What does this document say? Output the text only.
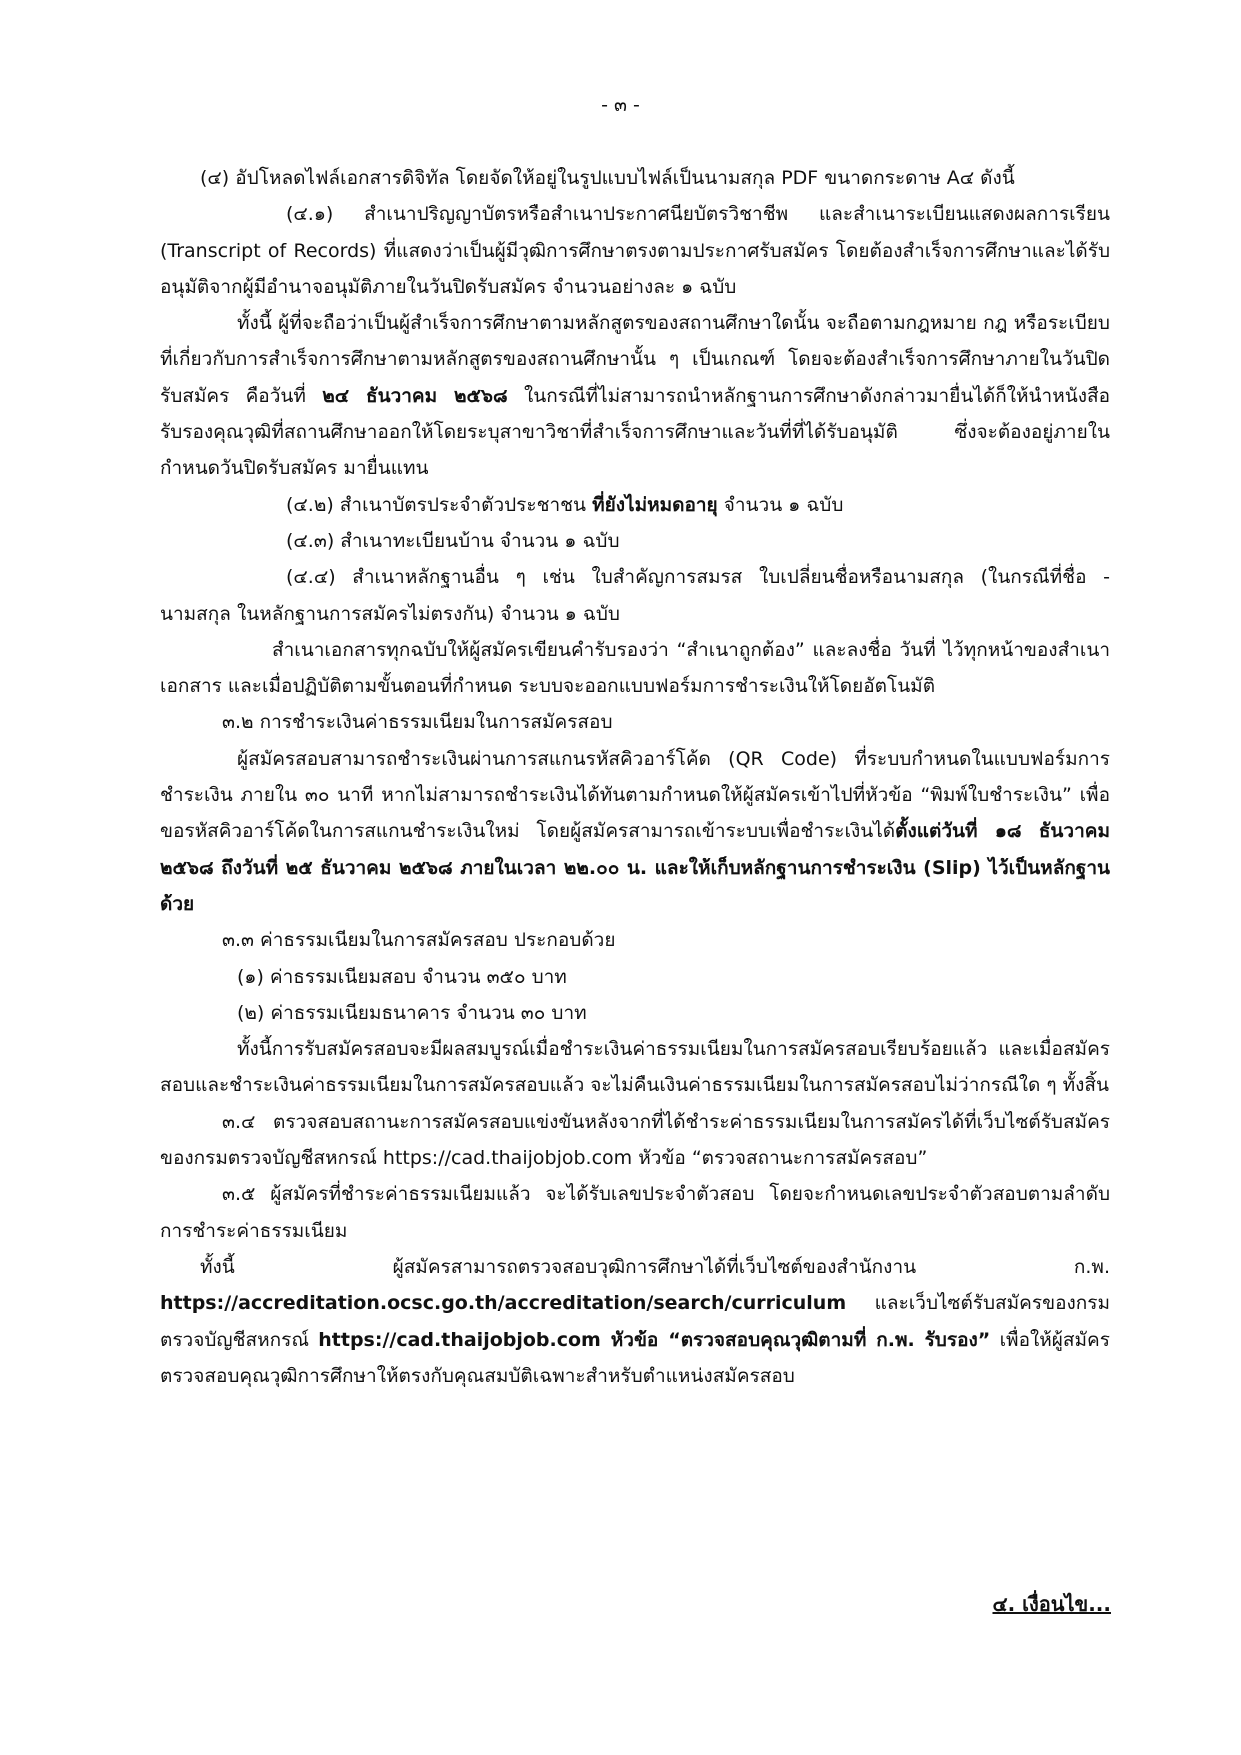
- ๓ -

(๔) อัปโหลดไฟล์เอกสารดิจิทัล โดยจัดให้อยู่ในรูปแบบไฟล์เป็นนามสกุล PDF ขนาดกระดาษ A๔ ดังนี้

(๔.๑) สำเนาปริญญาบัตรหรือสำเนาประกาศนียบัตรวิชาชีพ และสำเนาระเบียนแสดงผลการเรียน (Transcript of Records) ที่แสดงว่าเป็นผู้มีวุฒิการศึกษาตรงตามประกาศรับสมัคร โดยต้องสำเร็จการศึกษาและได้รับอนุมัติจากผู้มีอำนาจอนุมัติภายในวันปิดรับสมัคร จำนวนอย่างละ ๑ ฉบับ

ทั้งนี้ ผู้ที่จะถือว่าเป็นผู้สำเร็จการศึกษาตามหลักสูตรของสถานศึกษาใดนั้น จะถือตามกฎหมาย กฎ หรือระเบียบที่เกี่ยวกับการสำเร็จการศึกษาตามหลักสูตรของสถานศึกษานั้น ๆ เป็นเกณฑ์ โดยจะต้องสำเร็จการศึกษาภายในวันปิดรับสมัคร คือวันที่ ๒๔ ธันวาคม ๒๕๖๘ ในกรณีที่ไม่สามารถนำหลักฐานการศึกษาดังกล่าวมายื่นได้ก็ให้นำหนังสือรับรองคุณวุฒิที่สถานศึกษาออกให้โดยระบุสาขาวิชาที่สำเร็จการศึกษาและวันที่ที่ได้รับอนุมัติ ซึ่งจะต้องอยู่ภายในกำหนดวันปิดรับสมัคร มายื่นแทน

(๔.๒) สำเนาบัตรประจำตัวประชาชน ที่ยังไม่หมดอายุ จำนวน ๑ ฉบับ

(๔.๓) สำเนาทะเบียนบ้าน จำนวน ๑ ฉบับ

(๔.๔) สำเนาหลักฐานอื่น ๆ เช่น ใบสำคัญการสมรส ใบเปลี่ยนชื่อหรือนามสกุล (ในกรณีที่ชื่อ - นามสกุล ในหลักฐานการสมัครไม่ตรงกัน) จำนวน ๑ ฉบับ

สำเนาเอกสารทุกฉบับให้ผู้สมัครเขียนคำรับรองว่า “สำเนาถูกต้อง” และลงชื่อ วันที่ ไว้ทุกหน้าของสำเนาเอกสาร และเมื่อปฏิบัติตามขั้นตอนที่กำหนด ระบบจะออกแบบฟอร์มการชำระเงินให้โดยอัตโนมัติ

๓.๒ การชำระเงินค่าธรรมเนียมในการสมัครสอบ

ผู้สมัครสอบสามารถชำระเงินผ่านการสแกนรหัสคิวอาร์โค้ด (QR Code) ที่ระบบกำหนดในแบบฟอร์มการชำระเงิน ภายใน ๓๐ นาที หากไม่สามารถชำระเงินได้ทันตามกำหนดให้ผู้สมัครเข้าไปที่หัวข้อ “พิมพ์ใบชำระเงิน” เพื่อขอรหัสคิวอาร์โค้ดในการสแกนชำระเงินใหม่ โดยผู้สมัครสามารถเข้าระบบเพื่อชำระเงินได้ตั้งแต่วันที่ ๑๘ ธันวาคม ๒๕๖๘ ถึงวันที่ ๒๕ ธันวาคม ๒๕๖๘ ภายในเวลา ๒๒.๐๐ น. และให้เก็บหลักฐานการชำระเงิน (Slip) ไว้เป็นหลักฐานด้วย

๓.๓ ค่าธรรมเนียมในการสมัครสอบ ประกอบด้วย

(๑) ค่าธรรมเนียมสอบ จำนวน ๓๕๐ บาท

(๒) ค่าธรรมเนียมธนาคาร จำนวน ๓๐ บาท

ทั้งนี้การรับสมัครสอบจะมีผลสมบูรณ์เมื่อชำระเงินค่าธรรมเนียมในการสมัครสอบเรียบร้อยแล้ว และเมื่อสมัครสอบและชำระเงินค่าธรรมเนียมในการสมัครสอบแล้ว จะไม่คืนเงินค่าธรรมเนียมในการสมัครสอบไม่ว่ากรณีใด ๆ ทั้งสิ้น

๓.๔ ตรวจสอบสถานะการสมัครสอบแข่งขันหลังจากที่ได้ชำระค่าธรรมเนียมในการสมัครได้ที่เว็บไซต์รับสมัครของกรมตรวจบัญชีสหกรณ์ https://cad.thaijobjob.com หัวข้อ “ตรวจสถานะการสมัครสอบ”

๓.๕ ผู้สมัครที่ชำระค่าธรรมเนียมแล้ว จะได้รับเลขประจำตัวสอบ โดยจะกำหนดเลขประจำตัวสอบตามลำดับการชำระค่าธรรมเนียม

ทั้งนี้ ผู้สมัครสามารถตรวจสอบวุฒิการศึกษาได้ที่เว็บไซต์ของสำนักงาน ก.พ. https://accreditation.ocsc.go.th/accreditation/search/curriculum และเว็บไซต์รับสมัครของกรมตรวจบัญชีสหกรณ์ https://cad.thaijobjob.com หัวข้อ “ตรวจสอบคุณวุฒิตามที่ ก.พ. รับรอง” เพื่อให้ผู้สมัครตรวจสอบคุณวุฒิการศึกษาให้ตรงกับคุณสมบัติเฉพาะสำหรับตำแหน่งสมัครสอบ

๔. เงื่อนไข...
